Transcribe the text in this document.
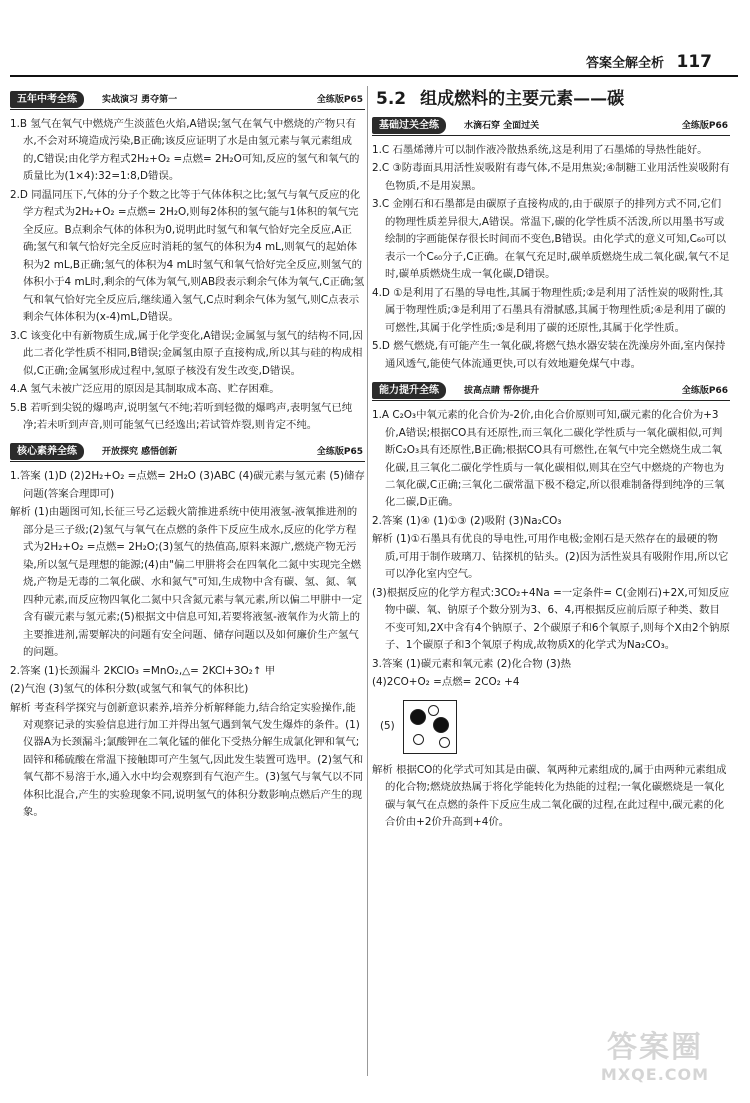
答案全解全析 117
五年中考全练	实战演习 勇夺第一	全练版P65
1.B 氢气在氧气中燃烧产生淡蓝色火焰,A错误;氢气在氧气中燃烧的产物只有水,不会对环境造成污染,B正确;该反应证明了水是由氢元素与氧元素组成的,C错误;由化学方程式2H₂+O₂ =点燃= 2H₂O可知,反应的氢气和氧气的质量比为(1×4):32=1:8,D错误。
2.D 同温同压下,气体的分子个数之比等于气体体积之比;氢气与氧气反应的化学方程式为2H₂+O₂ =点燃= 2H₂O,则每2体积的氢气能与1体积的氧气完全反应。B点剩余气体的体积为0,说明此时氢气和氧气恰好完全反应,A正确;氢气和氧气恰好完全反应时消耗的氢气的体积为4 mL,则氧气的起始体积为2 mL,B正确;氢气的体积为4 mL时氢气和氧气恰好完全反应,则氢气的体积小于4 mL时,剩余的气体为氧气,则AB段表示剩余气体为氧气,C正确;氢气和氧气恰好完全反应后,继续通入氢气,C点时剩余气体为氢气,则C点表示剩余气体体积为(x-4)mL,D错误。
3.C 该变化中有新物质生成,属于化学变化,A错误;金属氢与氢气的结构不同,因此二者化学性质不相同,B错误;金属氢由原子直接构成,所以其与硅的构成相似,C正确;金属氢形成过程中,氢原子核没有发生改变,D错误。
4.A 氢气未被广泛应用的原因是其制取成本高、贮存困难。
5.B 若听到尖锐的爆鸣声,说明氢气不纯;若听到轻微的爆鸣声,表明氢气已纯净;若未听到声音,则可能氢气已经逸出;若试管炸裂,则肯定不纯。
核心素养全练	开放探究 感悟创新	全练版P65
1.答案 (1)D (2)2H₂+O₂ =点燃= 2H₂O (3)ABC (4)碳元素与氢元素 (5)储存问题(答案合理即可)
解析 (1)由题图可知,长征三号乙运载火箭推进系统中使用液氢-液氧推进剂的部分是三子级;(2)氢气与氧气在点燃的条件下反应生成水,反应的化学方程式为2H₂+O₂ =点燃= 2H₂O;(3)氢气的热值高,原料来源广,燃烧产物无污染,所以氢气是理想的能源;(4)由"偏二甲肼将会在四氧化二氮中实现完全燃烧,产物是无毒的二氧化碳、水和氮气"可知,生成物中含有碳、氢、氮、氧四种元素,而反应物四氧化二氮中只含氮元素与氧元素,所以偏二甲肼中一定含有碳元素与氢元素;(5)根据文中信息可知,若要将液氢-液氧作为火箭上的主要推进剂,需要解决的问题有安全问题、储存问题以及如何廉价生产氢气的问题。
2.答案 (1)长颈漏斗 2KClO₃ =MnO₂,△= 2KCl+3O₂↑ 甲
(2)气泡 (3)氢气的体积分数(或氢气和氧气的体积比)
解析 考查科学探究与创新意识素养,培养分析解释能力,结合给定实验操作,能对观察记录的实验信息进行加工并得出氢气遇到氧气发生爆炸的条件。(1)仪器A为长颈漏斗;氯酸钾在二氧化锰的催化下受热分解生成氯化钾和氧气;固锌和稀硫酸在常温下接触即可产生氢气,因此发生装置可选甲。(2)氢气和氧气都不易溶于水,通入水中均会观察到有气泡产生。(3)氢气与氧气以不同体积比混合,产生的实验现象不同,说明氢气的体积分数影响点燃后产生的现象。
5.2 组成燃料的主要元素——碳
基础过关全练	水滴石穿 全面过关	全练版P66
1.C 石墨烯薄片可以制作液冷散热系统,这是利用了石墨烯的导热性能好。
2.C ③防毒面具用活性炭吸附有毒气体,不是用焦炭;④制糖工业用活性炭吸附有色物质,不是用炭黑。
3.C 金刚石和石墨都是由碳原子直接构成的,由于碳原子的排列方式不同,它们的物理性质差异很大,A错误。常温下,碳的化学性质不活泼,所以用墨书写或绘制的字画能保存很长时间而不变色,B错误。由化学式的意义可知,C₆₀可以表示一个C₆₀分子,C正确。在氧气充足时,碳单质燃烧生成二氧化碳,氧气不足时,碳单质燃烧生成一氧化碳,D错误。
4.D ①是利用了石墨的导电性,其属于物理性质;②是利用了活性炭的吸附性,其属于物理性质;③是利用了石墨具有滑腻感,其属于物理性质;④是利用了碳的可燃性,其属于化学性质;⑤是利用了碳的还原性,其属于化学性质。
5.D 燃气燃烧,有可能产生一氧化碳,将燃气热水器安装在洗澡房外面,室内保持通风透气,能使气体流通更快,可以有效地避免煤气中毒。
能力提升全练	拔高点睛 帮你提升	全练版P66
1.A C₂O₃中氧元素的化合价为-2价,由化合价原则可知,碳元素的化合价为+3价,A错误;根据CO具有还原性,而三氧化二碳化学性质与一氧化碳相似,可判断C₂O₃具有还原性,B正确;根据CO具有可燃性,在氧气中完全燃烧生成二氧化碳,且三氧化二碳化学性质与一氧化碳相似,则其在空气中燃烧的产物也为二氧化碳,C正确;三氧化二碳常温下极不稳定,所以很难制备得到纯净的三氧化二碳,D正确。
2.答案 (1)④ (1)①③ (2)吸附 (3)Na₂CO₃
解析 (1)①石墨具有优良的导电性,可用作电极;金刚石是天然存在的最硬的物质,可用于制作玻璃刀、钻探机的钻头。(2)因为活性炭具有吸附作用,所以它可以净化室内空气。
(3)根据反应的化学方程式:3CO₂+4Na =一定条件= C(金刚石)+2X,可知反应物中碳、氧、钠原子个数分别为3、6、4,再根据反应前后原子种类、数目不变可知,2X中含有4个钠原子、2个碳原子和6个氧原子,则每个X由2个钠原子、1个碳原子和3个氧原子构成,故物质X的化学式为Na₂CO₃。
3.答案 (1)碳元素和氧元素 (2)化合物 (3)热
(4)2CO+O₂ =点燃= 2CO₂ +4
(5)
解析 根据CO的化学式可知其是由碳、氧两种元素组成的,属于由两种元素组成的化合物;燃烧放热属于将化学能转化为热能的过程;一氧化碳燃烧是一氧化碳与氧气在点燃的条件下反应生成二氧化碳的过程,在此过程中,碳元素的化合价由+2价升高到+4价。
答案圈
MXQE.COM
